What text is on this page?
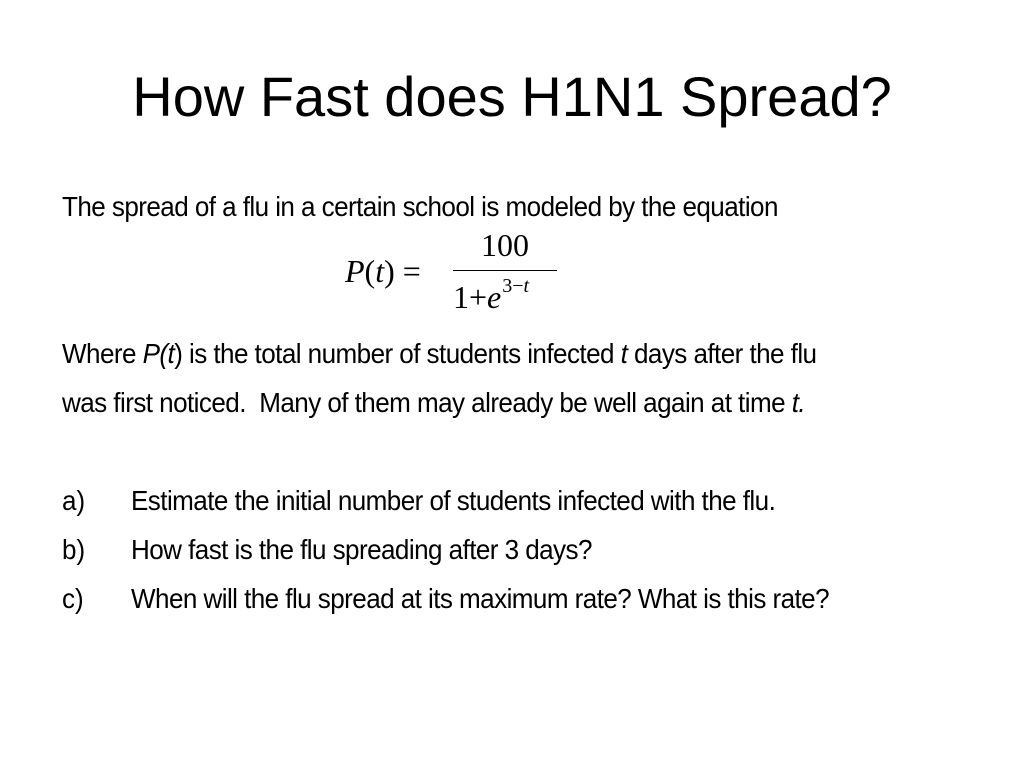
How Fast does H1N1 Spread?
The spread of a flu in a certain school is modeled by the equation
P(t) =
100
$1+e^{3-t}$
Where P(t) is the total number of students infected t days after the flu
was first noticed.  Many of them may already be well again at time t.
a) Estimate the initial number of students infected with the flu.
b) How fast is the flu spreading after 3 days?
c) When will the flu spread at its maximum rate? What is this rate?
